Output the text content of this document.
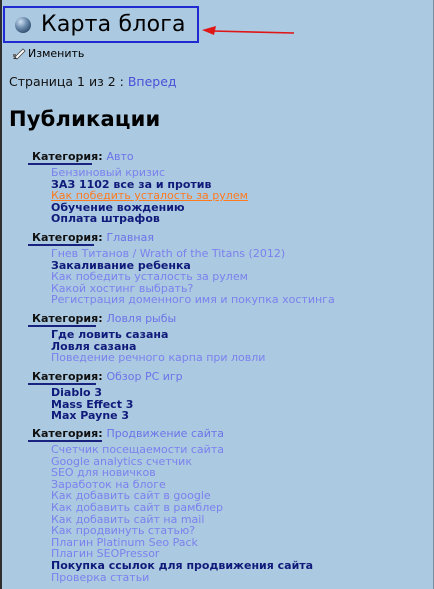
Карта блога
Изменить
Страница 1 из 2 : Вперед
Публикации
Категория: Авто
Бензиновый кризис
ЗАЗ 1102 все за и против
Как победить усталость за рулем
Обучение вождению
Оплата штрафов
Категория: Главная
Гнев Титанов / Wrath of the Titans (2012)
Закаливание ребенка
Как победить усталость за рулем
Какой хостинг выбрать?
Регистрация доменного имя и покупка хостинга
Категория: Ловля рыбы
Где ловить сазана
Ловля сазана
Поведение речного карпа при ловли
Категория: Обзор PC игр
Diablo 3
Mass Effect 3
Max Payne 3
Категория: Продвижение сайта
Счетчик посещаемости сайта
Google analytics счетчик
SEO для новичков
Заработок на блоге
Как добавить сайт в google
Как добавить сайт в рамблер
Как добавить сайт на mail
Как продвинуть статью?
Плагин Platinum Seo Pack
Плагин SEOPressor
Покупка ссылок для продвижения сайта
Проверка статьи
